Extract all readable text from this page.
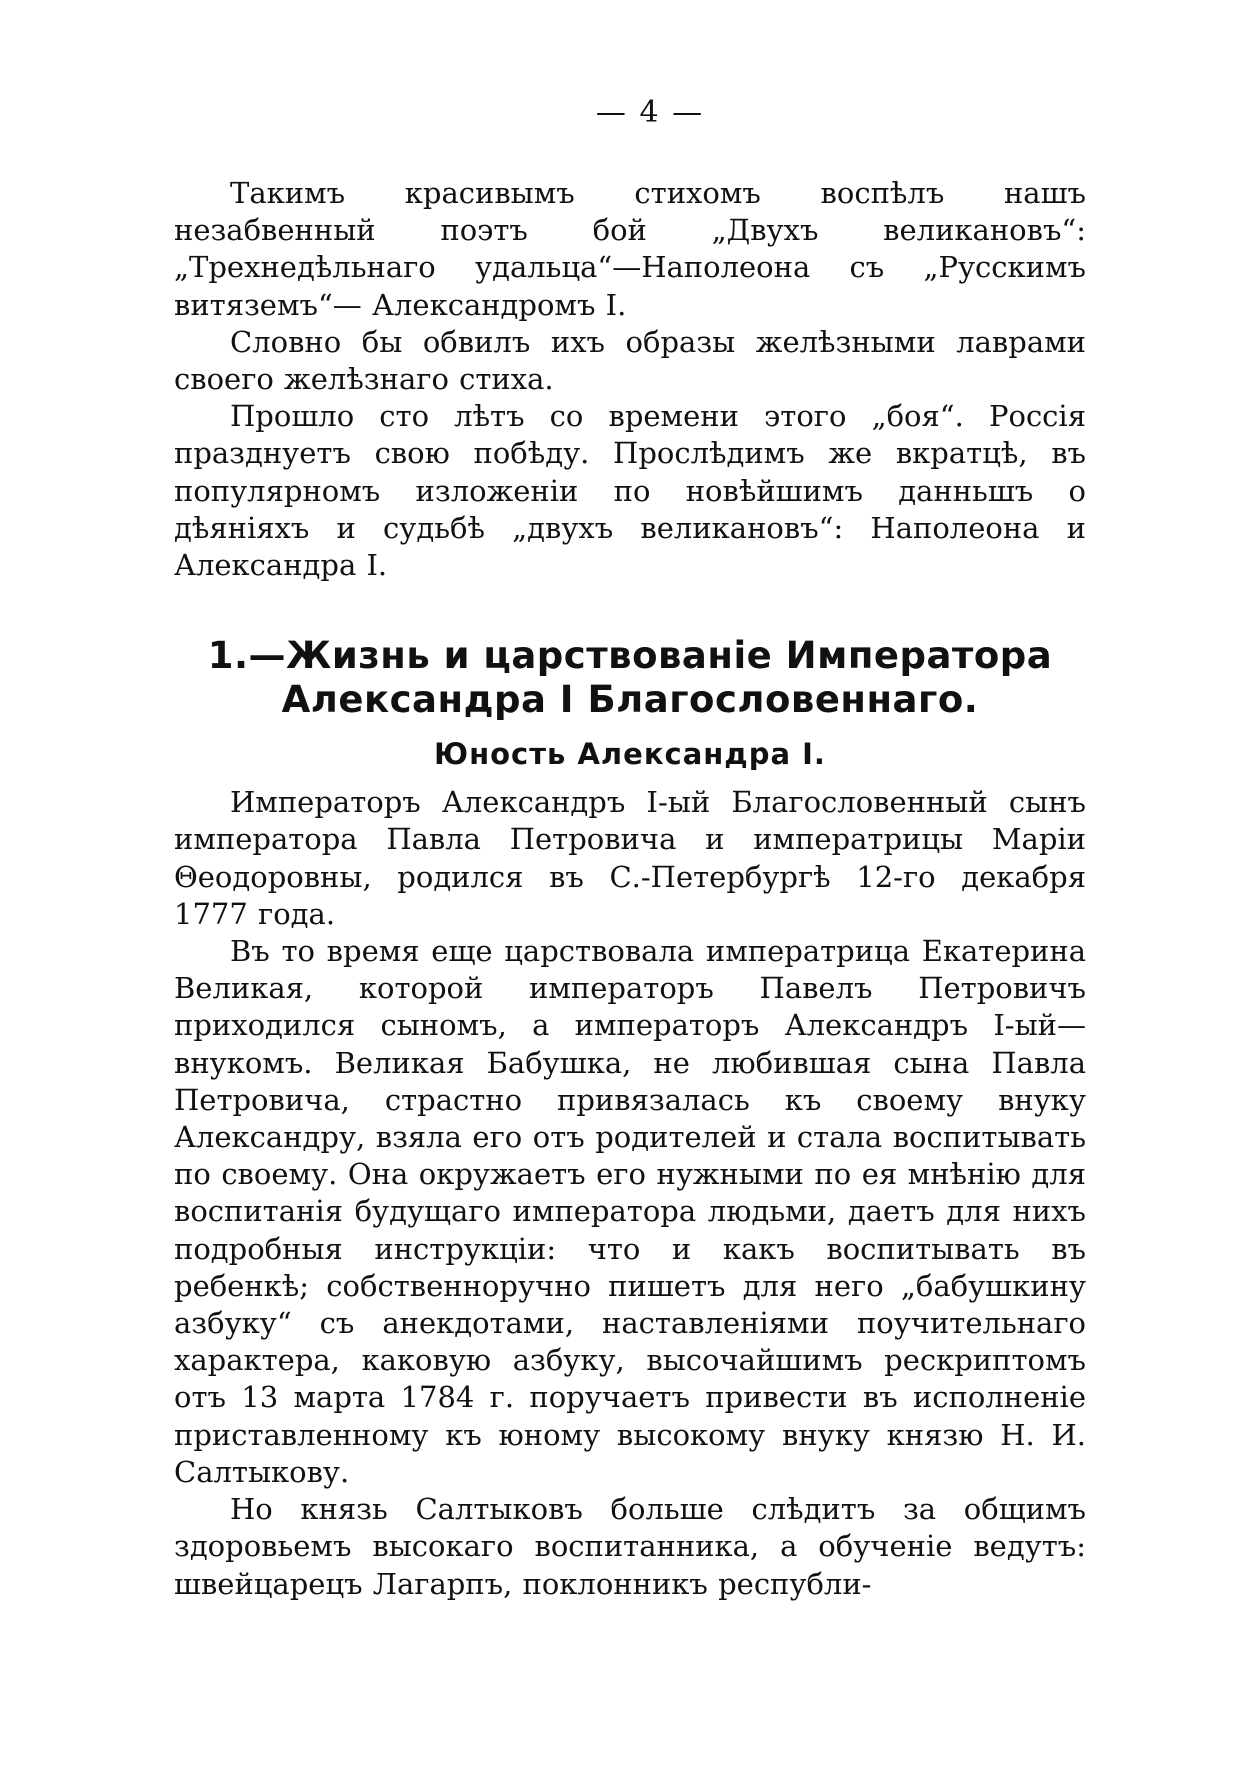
— 4 —

Такимъ красивымъ стихомъ воспѣлъ нашъ незабвенный поэтъ бой „Двухъ великановъ“: „Трехнедѣльнаго удальца“—Наполеона съ „Русскимъ витяземъ“— Александромъ I.

Словно бы обвилъ ихъ образы желѣзными лаврами своего желѣзнаго стиха.

Прошло сто лѣтъ со времени этого „боя“. Россія празднуетъ свою побѣду. Прослѣдимъ же вкратцѣ, въ популярномъ изложеніи по новѣйшимъ данньшъ о дѣяніяхъ и судьбѣ „двухъ великановъ“: Наполеона и Александра I.

1.—Жизнь и царствованіе Императора
Александра I Благословеннаго.
Юность Александра I.

Императоръ Александръ I-ый Благословенный сынъ императора Павла Петровича и императрицы Маріи Θеодоровны, родился въ С.-Петербургѣ 12-го декабря 1777 года.

Въ то время еще царствовала императрица Екатерина Великая, которой императоръ Павелъ Петровичъ приходился сыномъ, а императоръ Александръ I-ый— внукомъ. Великая Бабушка, не любившая сына Павла Петровича, страстно привязалась къ своему внуку Александру, взяла его отъ родителей и стала воспитывать по своему. Она окружаетъ его нужными по ея мнѣнію для воспитанія будущаго императора людьми, даетъ для нихъ подробныя инструкціи: что и какъ воспитывать въ ребенкѣ; собственноручно пишетъ для него „бабушкину азбуку“ съ анекдотами, наставленіями поучительнаго характера, каковую азбуку, высочайшимъ рескриптомъ отъ 13 марта 1784 г. поручаетъ привести въ исполненіе приставленному къ юному высокому внуку князю Н. И. Салтыкову.

Но князь Салтыковъ больше слѣдитъ за общимъ здоровьемъ высокаго воспитанника, а обученіе ведутъ: швейцарецъ Лагарпъ, поклонникъ республи-
